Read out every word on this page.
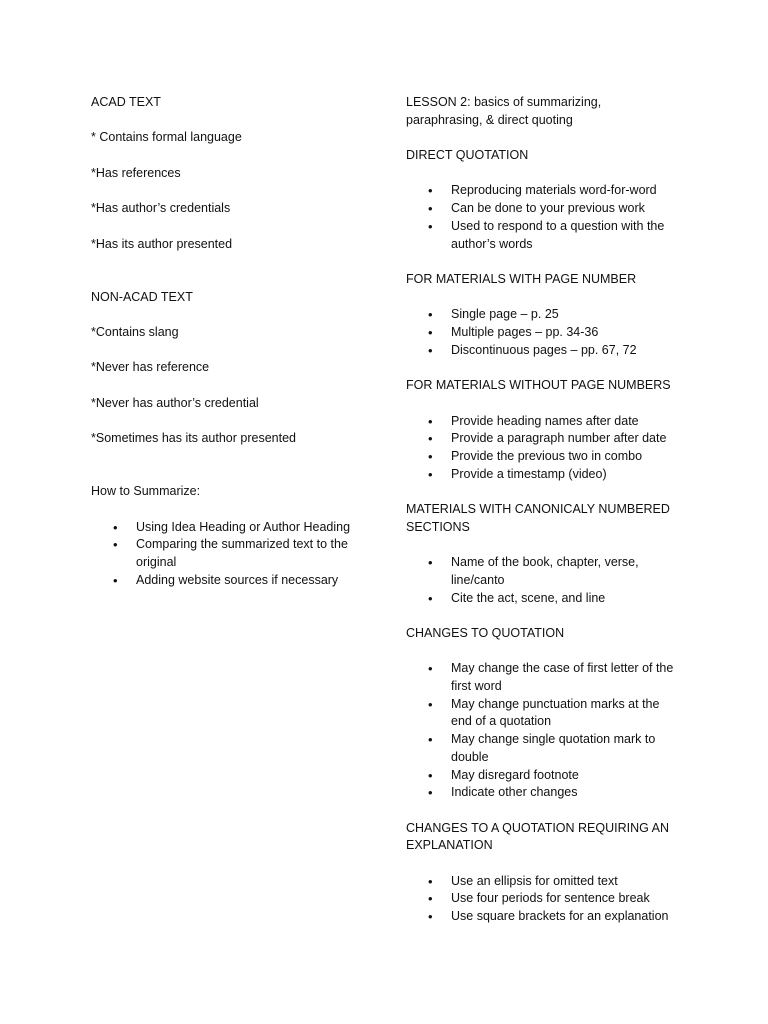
ACAD TEXT

* Contains formal language

*Has references

*Has author’s credentials

*Has its author presented

NON-ACAD TEXT

*Contains slang

*Never has reference

*Never has author’s credential

*Sometimes has its author presented

How to Summarize:

• Using Idea Heading or Author Heading
• Comparing the summarized text to the original
• Adding website sources if necessary

LESSON 2: basics of summarizing, paraphrasing, & direct quoting

DIRECT QUOTATION

• Reproducing materials word-for-word
• Can be done to your previous work
• Used to respond to a question with the author’s words

FOR MATERIALS WITH PAGE NUMBER

• Single page – p. 25
• Multiple pages – pp. 34-36
• Discontinuous pages – pp. 67, 72

FOR MATERIALS WITHOUT PAGE NUMBERS

• Provide heading names after date
• Provide a paragraph number after date
• Provide the previous two in combo
• Provide a timestamp (video)

MATERIALS WITH CANONICALY NUMBERED SECTIONS

• Name of the book, chapter, verse, line/canto
• Cite the act, scene, and line

CHANGES TO QUOTATION

• May change the case of first letter of the first word
• May change punctuation marks at the end of a quotation
• May change single quotation mark to double
• May disregard footnote
• Indicate other changes

CHANGES TO A QUOTATION REQUIRING AN EXPLANATION

• Use an ellipsis for omitted text
• Use four periods for sentence break
• Use square brackets for an explanation
